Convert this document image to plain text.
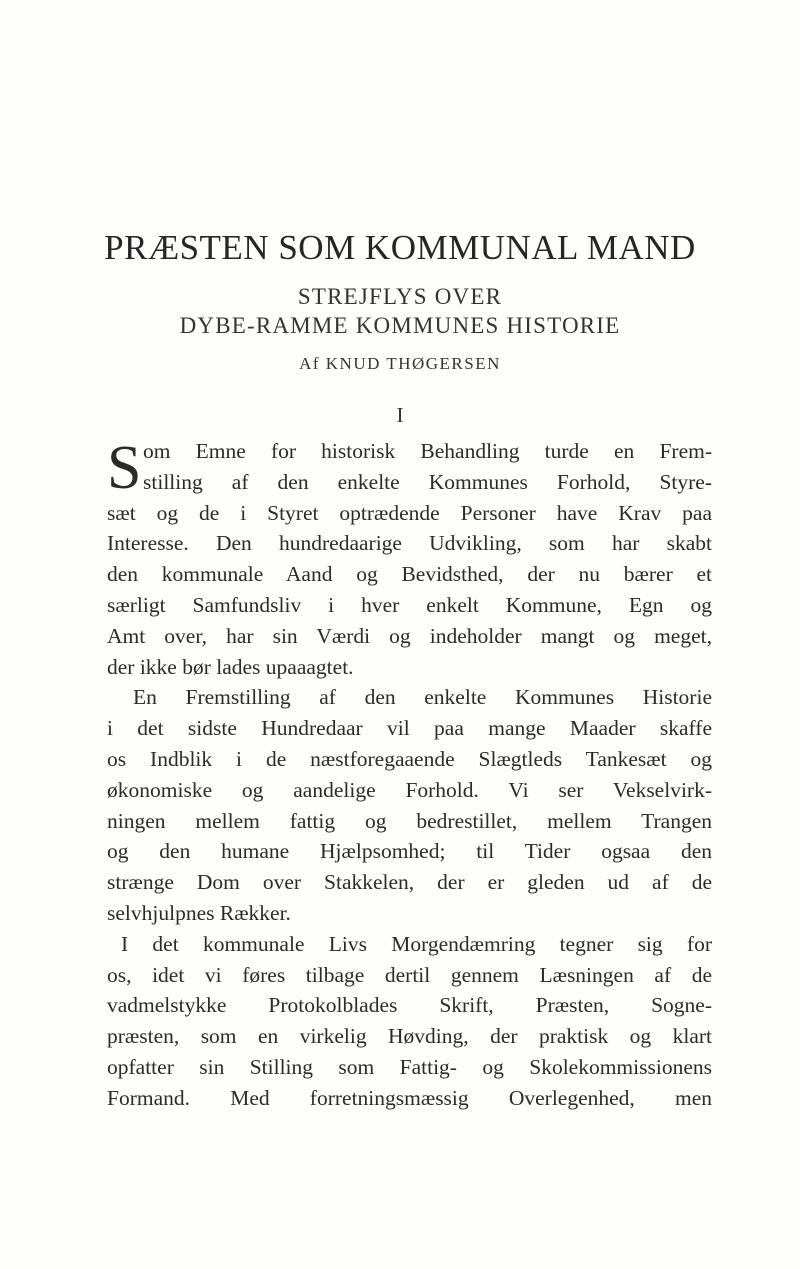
PRÆSTEN SOM KOMMUNAL MAND
STREJFLYS OVER
DYBE-RAMME KOMMUNES HISTORIE
Af KNUD THØGERSEN
I
S om Emne for historisk Behandling turde en Frem-
stilling af den enkelte Kommunes Forhold, Styre-
sæt og de i Styret optrædende Personer have Krav paa
Interesse. Den hundredaarige Udvikling, som har skabt
den kommunale Aand og Bevidsthed, der nu bærer et
særligt Samfundsliv i hver enkelt Kommune, Egn og
Amt over, har sin Værdi og indeholder mangt og meget,
der ikke bør lades upaaagtet.
En Fremstilling af den enkelte Kommunes Historie
i det sidste Hundredaar vil paa mange Maader skaffe
os Indblik i de næstforegaaende Slægtleds Tankesæt og
økonomiske og aandelige Forhold. Vi ser Vekselvirk-
ningen mellem fattig og bedrestillet, mellem Trangen
og den humane Hjælpsomhed; til Tider ogsaa den
strænge Dom over Stakkelen, der er gleden ud af de
selvhjulpnes Rækker.
I det kommunale Livs Morgendæmring tegner sig for
os, idet vi føres tilbage dertil gennem Læsningen af de
vadmelstykke Protokolblades Skrift, Præsten, Sogne-
præsten, som en virkelig Høvding, der praktisk og klart
opfatter sin Stilling som Fattig- og Skolekommissionens
Formand. Med forretningsmæssig Overlegenhed, men
